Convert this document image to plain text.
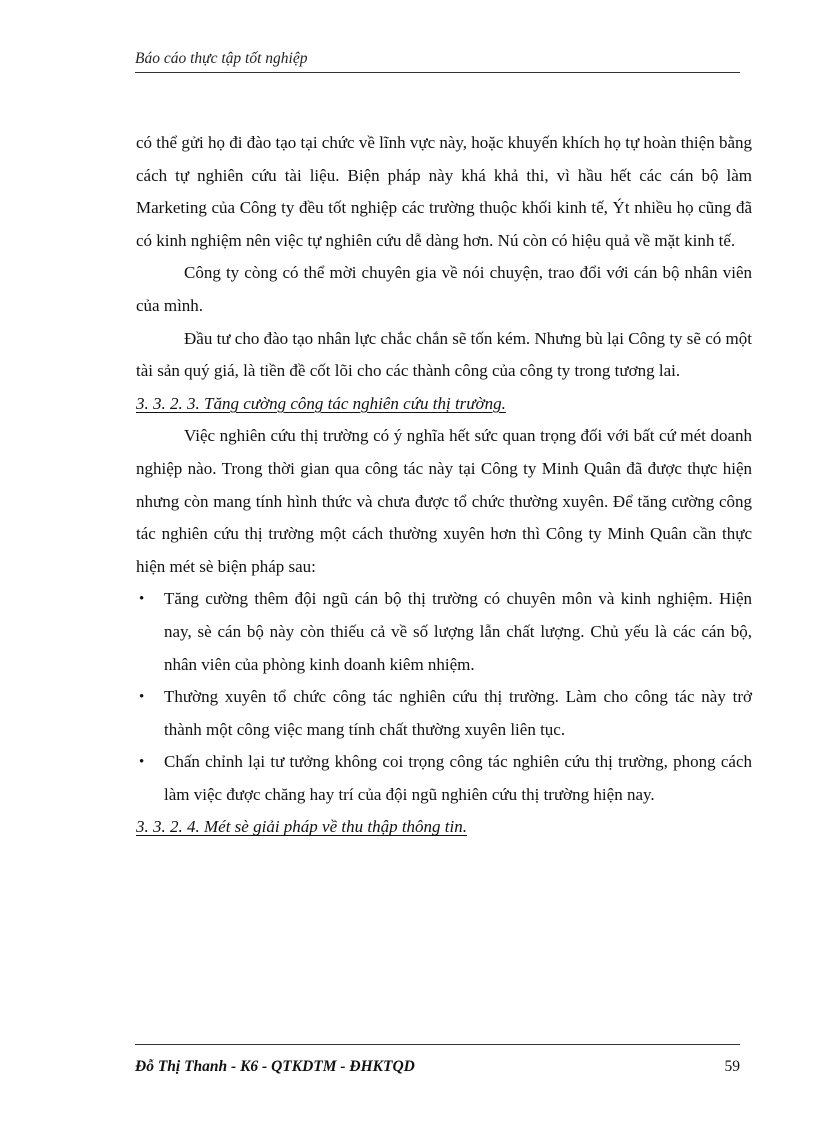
Báo cáo thực tập tốt nghiệp

có thể gửi họ đi đào tạo tại chức về lĩnh vực này, hoặc khuyến khích họ tự hoàn thiện bằng cách tự nghiên cứu tài liệu. Biện pháp này khá khả thi, vì hầu hết các cán bộ làm Marketing của Công ty đều tốt nghiệp các trường thuộc khối kinh tế, Ýt nhiều họ cũng đã có kinh nghiệm nên việc tự nghiên cứu dễ dàng hơn. Nú còn có hiệu quả về mặt kinh tế.

Công ty còng có thể mời chuyên gia về nói chuyện, trao đổi với cán bộ nhân viên của mình.

Đầu tư cho đào tạo nhân lực chắc chắn sẽ tốn kém. Nhưng bù lại Công ty sẽ có một tài sản quý giá, là tiền đề cốt lõi cho các thành công của công ty trong tương lai.

3. 3. 2. 3. Tăng cường công tác nghiên cứu thị trường.

Việc nghiên cứu thị trường có ý nghĩa hết sức quan trọng đối với bất cứ mét doanh nghiệp nào. Trong thời gian qua công tác này tại Công ty Minh Quân đã được thực hiện nhưng còn mang tính hình thức và chưa được tổ chức thường xuyên. Để tăng cường công tác nghiên cứu thị trường một cách thường xuyên hơn thì Công ty Minh Quân cần thực hiện mét sè biện pháp sau:

• Tăng cường thêm đội ngũ cán bộ thị trường có chuyên môn và kinh nghiệm. Hiện nay, sè cán bộ này còn thiếu cả về số lượng lẫn chất lượng. Chủ yếu là các cán bộ, nhân viên của phòng kinh doanh kiêm nhiệm.
• Thường xuyên tổ chức công tác nghiên cứu thị trường. Làm cho công tác này trở thành một công việc mang tính chất thường xuyên liên tục.
• Chấn chỉnh lại tư tưởng không coi trọng công tác nghiên cứu thị trường, phong cách làm việc được chăng hay trí của đội ngũ nghiên cứu thị trường hiện nay.

3. 3. 2. 4. Mét sè giải pháp về thu thập thông tin.

Đỗ Thị Thanh - K6 - QTKDTM - ĐHKTQD	59
